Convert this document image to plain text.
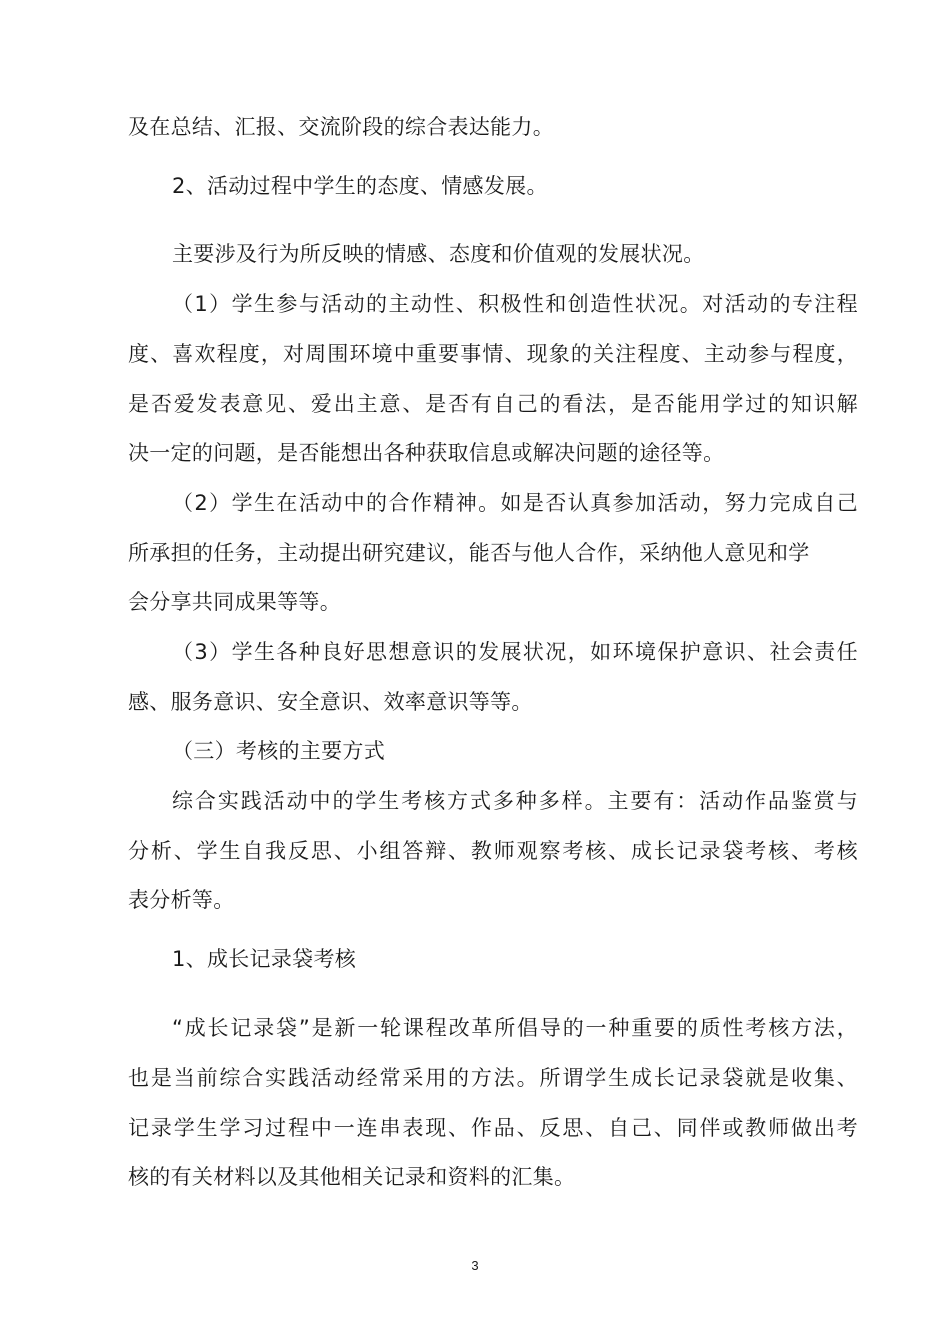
及在总结、汇报、交流阶段的综合表达能力。
2、活动过程中学生的态度、情感发展。
主要涉及行为所反映的情感、态度和价值观的发展状况。
（1）学生参与活动的主动性、积极性和创造性状况。对活动的专注程
度、喜欢程度，对周围环境中重要事情、现象的关注程度、主动参与程度，
是否爱发表意见、爱出主意、是否有自己的看法，是否能用学过的知识解
决一定的问题，是否能想出各种获取信息或解决问题的途径等。
（2）学生在活动中的合作精神。如是否认真参加活动，努力完成自己
所承担的任务，主动提出研究建议，能否与他人合作，采纳他人意见和学
会分享共同成果等等。
（3）学生各种良好思想意识的发展状况，如环境保护意识、社会责任
感、服务意识、安全意识、效率意识等等。
（三）考核的主要方式
综合实践活动中的学生考核方式多种多样。主要有：活动作品鉴赏与
分析、学生自我反思、小组答辩、教师观察考核、成长记录袋考核、考核
表分析等。
1、成长记录袋考核
“成长记录袋”是新一轮课程改革所倡导的一种重要的质性考核方法，
也是当前综合实践活动经常采用的方法。所谓学生成长记录袋就是收集、
记录学生学习过程中一连串表现、作品、反思、自己、同伴或教师做出考
核的有关材料以及其他相关记录和资料的汇集。
3
